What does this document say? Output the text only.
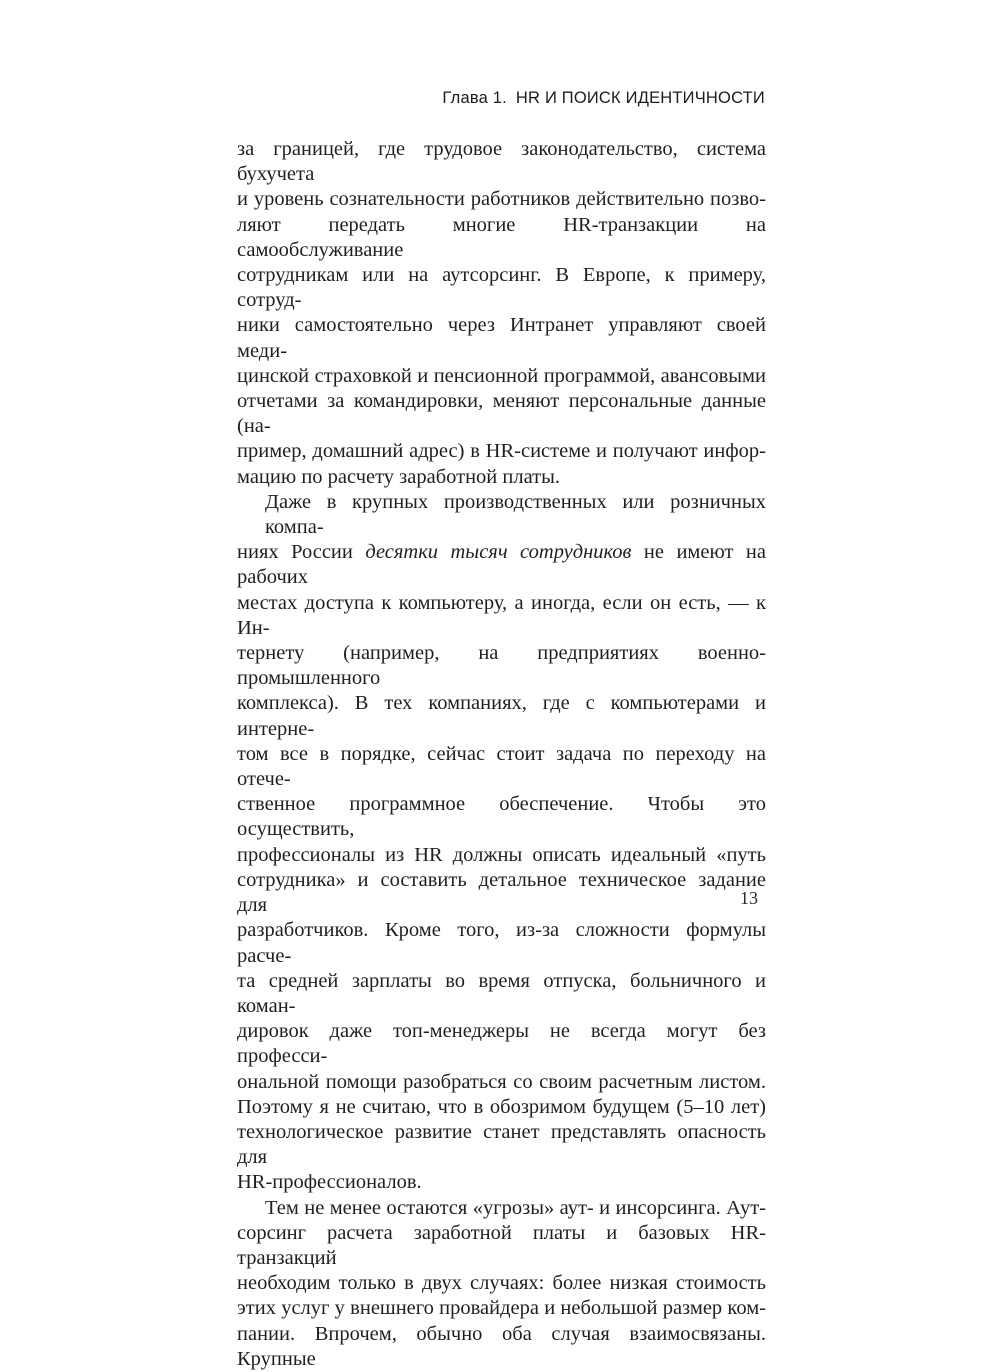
Глава 1. HR И ПОИСК ИДЕНТИЧНОСТИ
за границей, где трудовое законодательство, система бухучета
и уровень сознательности работников действительно позво-
ляют передать многие HR-транзакции на самообслуживание
сотрудникам или на аутсорсинг. В Европе, к примеру, сотруд-
ники самостоятельно через Интранет управляют своей меди-
цинской страховкой и пенсионной программой, авансовыми
отчетами за командировки, меняют персональные данные (на-
пример, домашний адрес) в HR-системе и получают инфор-
мацию по расчету заработной платы.
Даже в крупных производственных или розничных компа-
ниях России десятки тысяч сотрудников не имеют на рабочих
местах доступа к компьютеру, а иногда, если он есть, — к Ин-
тернету (например, на предприятиях военно-промышленного
комплекса). В тех компаниях, где с компьютерами и интерне-
том все в порядке, сейчас стоит задача по переходу на отече-
ственное программное обеспечение. Чтобы это осуществить,
профессионалы из HR должны описать идеальный «путь
сотрудника» и составить детальное техническое задание для
разработчиков. Кроме того, из-за сложности формулы расче-
та средней зарплаты во время отпуска, больничного и коман-
дировок даже топ-менеджеры не всегда могут без професси-
ональной помощи разобраться со своим расчетным листом.
Поэтому я не считаю, что в обозримом будущем (5–10 лет)
технологическое развитие станет представлять опасность для
HR-профессионалов.
Тем не менее остаются «угрозы» аут- и инсорсинга. Аут-
сорсинг расчета заработной платы и базовых HR-транзакций
необходим только в двух случаях: более низкая стоимость
этих услуг у внешнего провайдера и небольшой размер ком-
пании. Впрочем, обычно оба случая взаимосвязаны. Крупные
13
